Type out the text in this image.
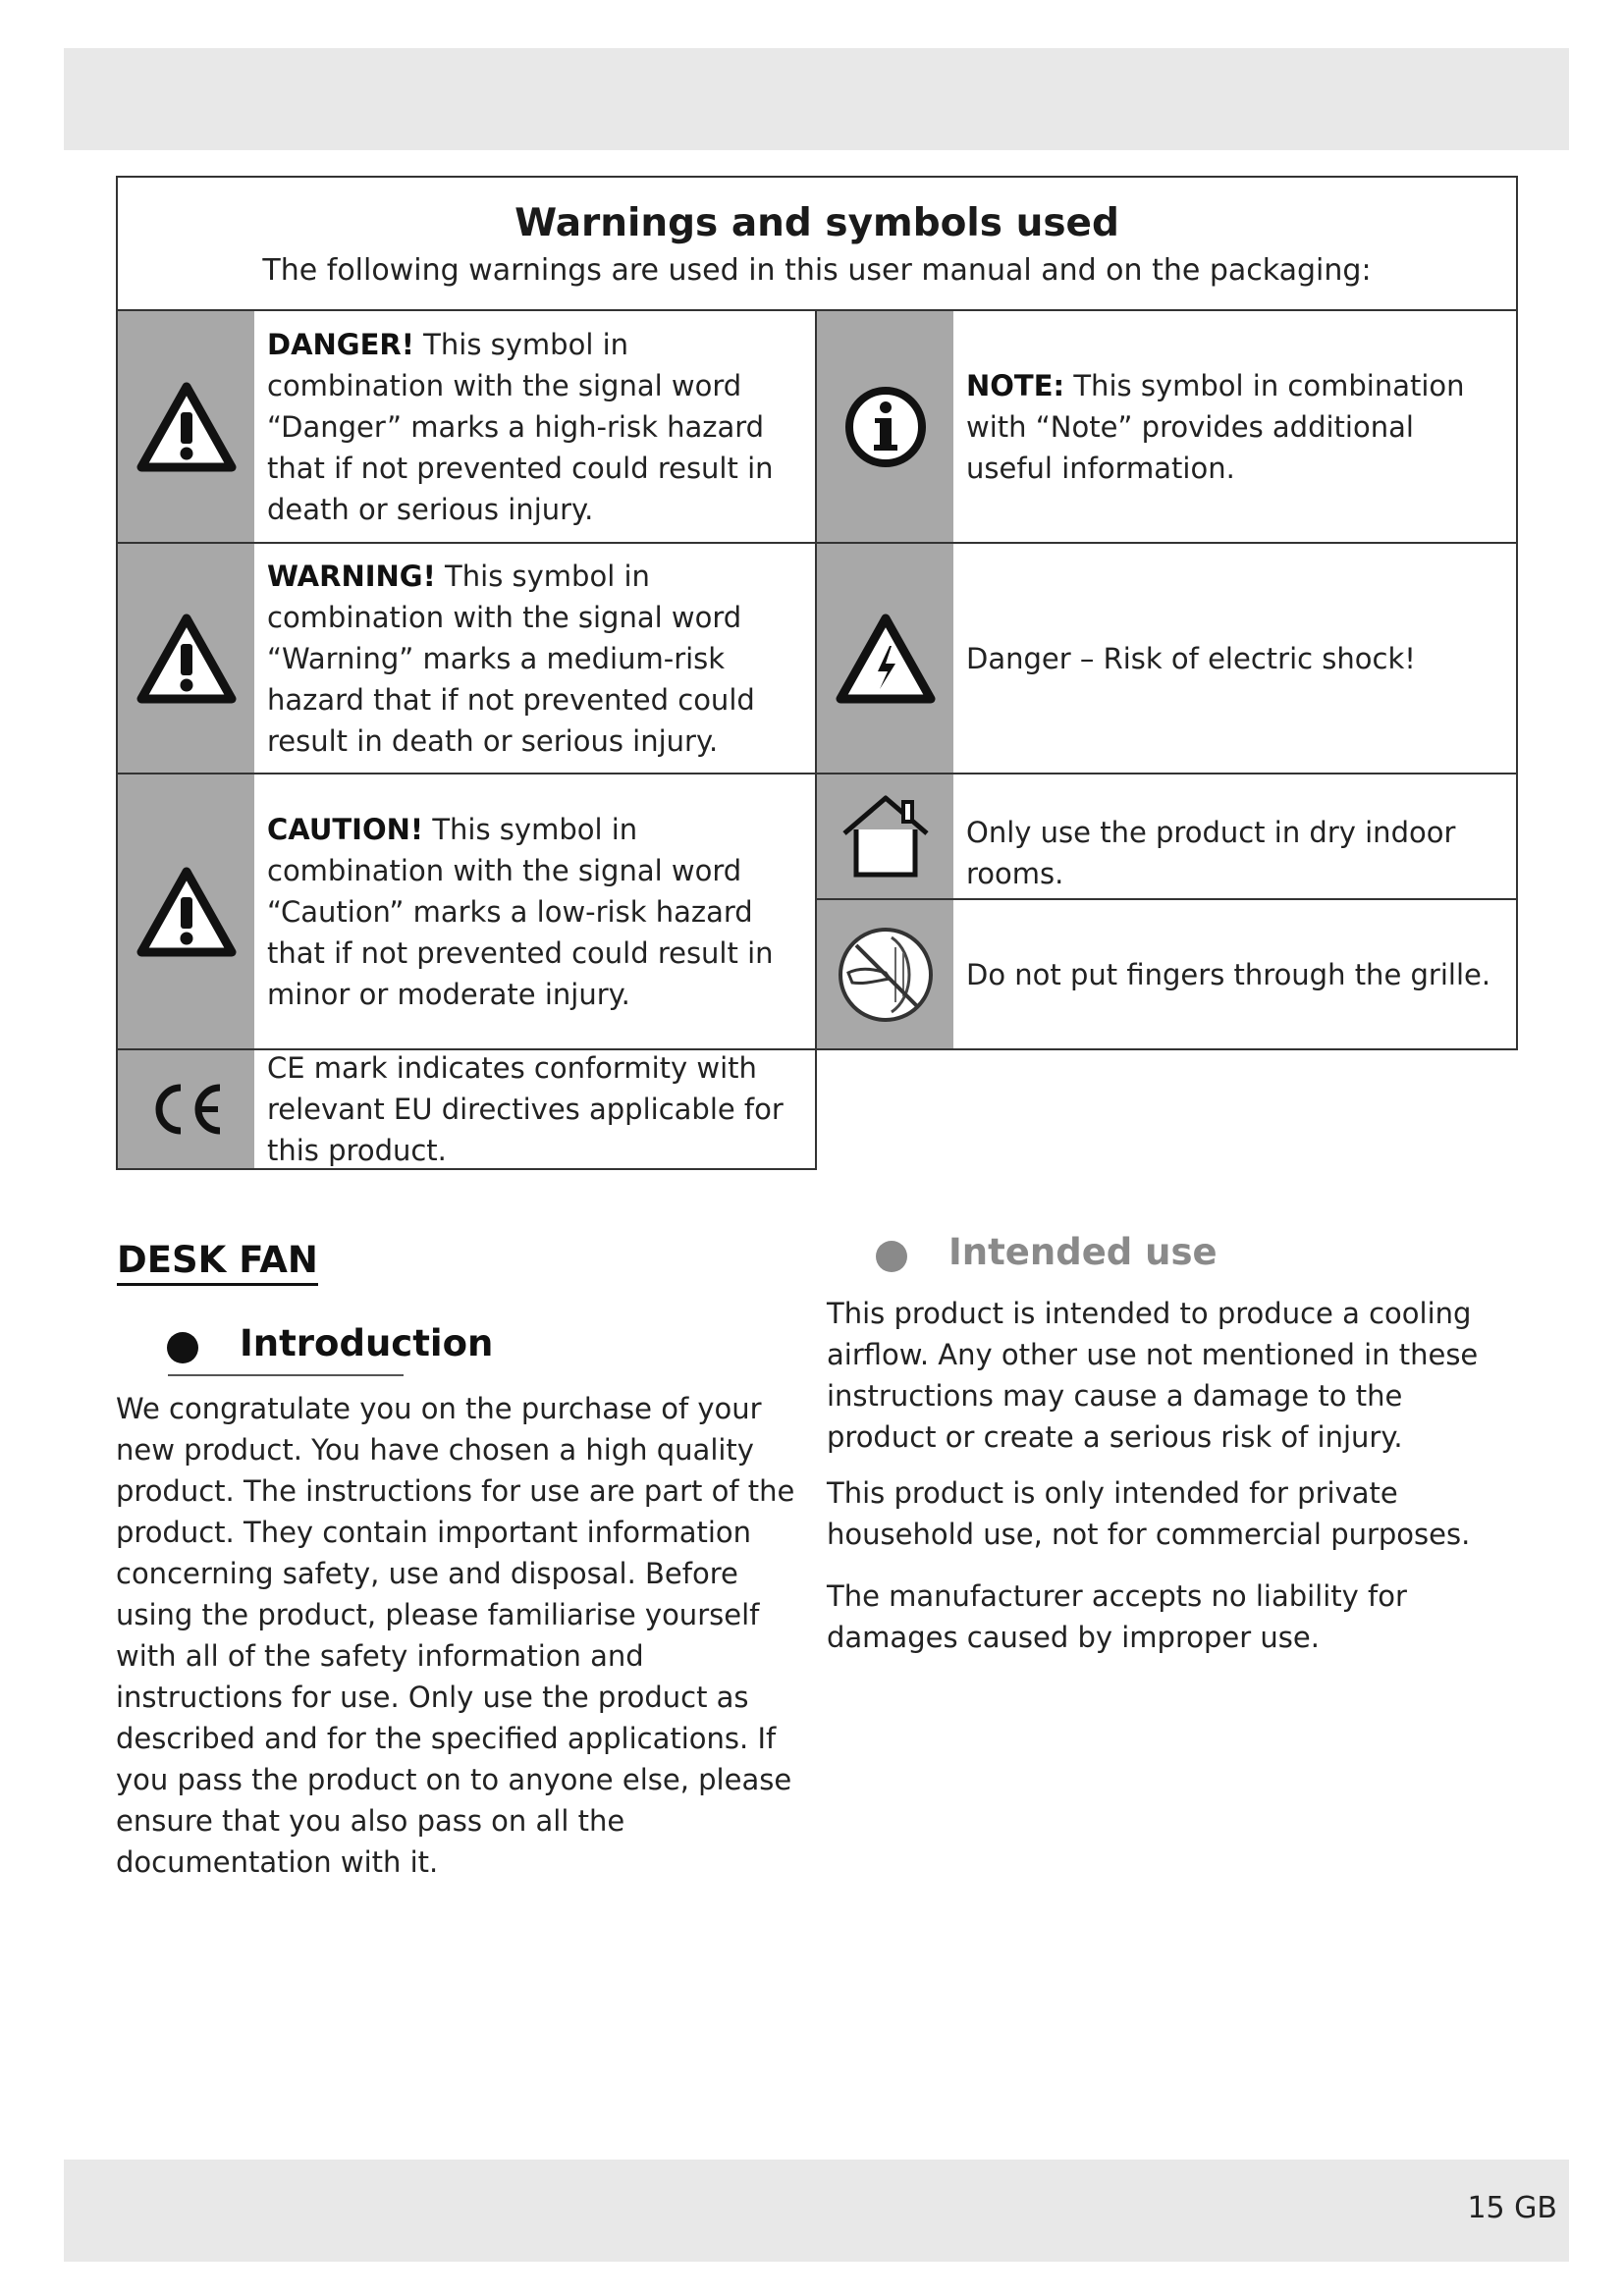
Warnings and symbols used
The following warnings are used in this user manual and on the packaging:

DANGER! This symbol in combination with the signal word “Danger” marks a high-risk hazard that if not prevented could result in death or serious injury.

WARNING! This symbol in combination with the signal word “Warning” marks a medium-risk hazard that if not prevented could result in death or serious injury.

CAUTION! This symbol in combination with the signal word “Caution” marks a low-risk hazard that if not prevented could result in minor or moderate injury.

CE mark indicates conformity with relevant EU directives applicable for this product.

NOTE: This symbol in combination with “Note” provides additional useful information.

Danger – Risk of electric shock!

Only use the product in dry indoor rooms.

Do not put fingers through the grille.

DESK FAN
Introduction

We congratulate you on the purchase of your new product. You have chosen a high quality product. The instructions for use are part of the product. They contain important information concerning safety, use and disposal. Before using the product, please familiarise yourself with all of the safety information and instructions for use. Only use the product as described and for the specified applications. If you pass the product on to anyone else, please ensure that you also pass on all the documentation with it.

Intended use

This product is intended to produce a cooling airflow. Any other use not mentioned in these instructions may cause a damage to the product or create a serious risk of injury.

This product is only intended for private household use, not for commercial purposes.

The manufacturer accepts no liability for damages caused by improper use.

15 GB
